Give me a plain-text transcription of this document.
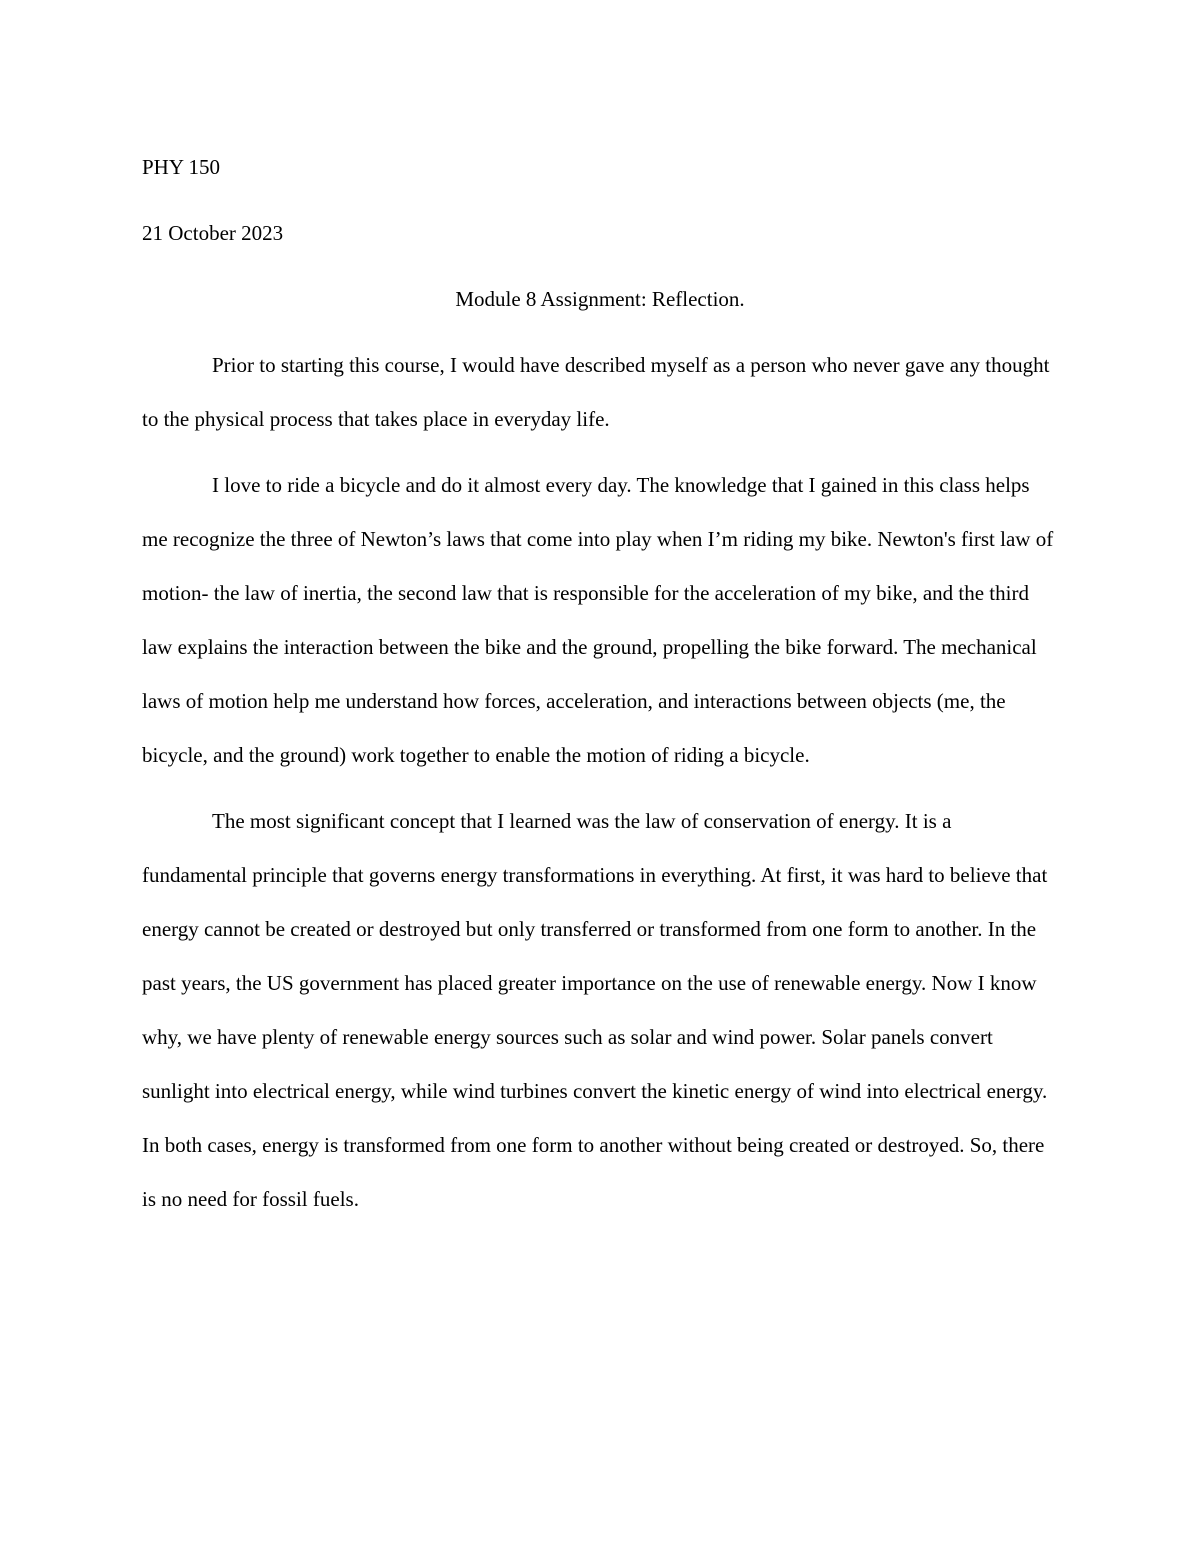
PHY 150

21 October 2023

Module 8 Assignment: Reflection.

Prior to starting this course, I would have described myself as a person who never gave any thought to the physical process that takes place in everyday life.

I love to ride a bicycle and do it almost every day. The knowledge that I gained in this class helps me recognize the three of Newton’s laws that come into play when I’m riding my bike. Newton's first law of motion- the law of inertia, the second law that is responsible for the acceleration of my bike, and the third law explains the interaction between the bike and the ground, propelling the bike forward. The mechanical laws of motion help me understand how forces, acceleration, and interactions between objects (me, the bicycle, and the ground) work together to enable the motion of riding a bicycle.

The most significant concept that I learned was the law of conservation of energy. It is a fundamental principle that governs energy transformations in everything. At first, it was hard to believe that energy cannot be created or destroyed but only transferred or transformed from one form to another. In the past years, the US government has placed greater importance on the use of renewable energy. Now I know why, we have plenty of renewable energy sources such as solar and wind power. Solar panels convert sunlight into electrical energy, while wind turbines convert the kinetic energy of wind into electrical energy. In both cases, energy is transformed from one form to another without being created or destroyed. So, there is no need for fossil fuels.
